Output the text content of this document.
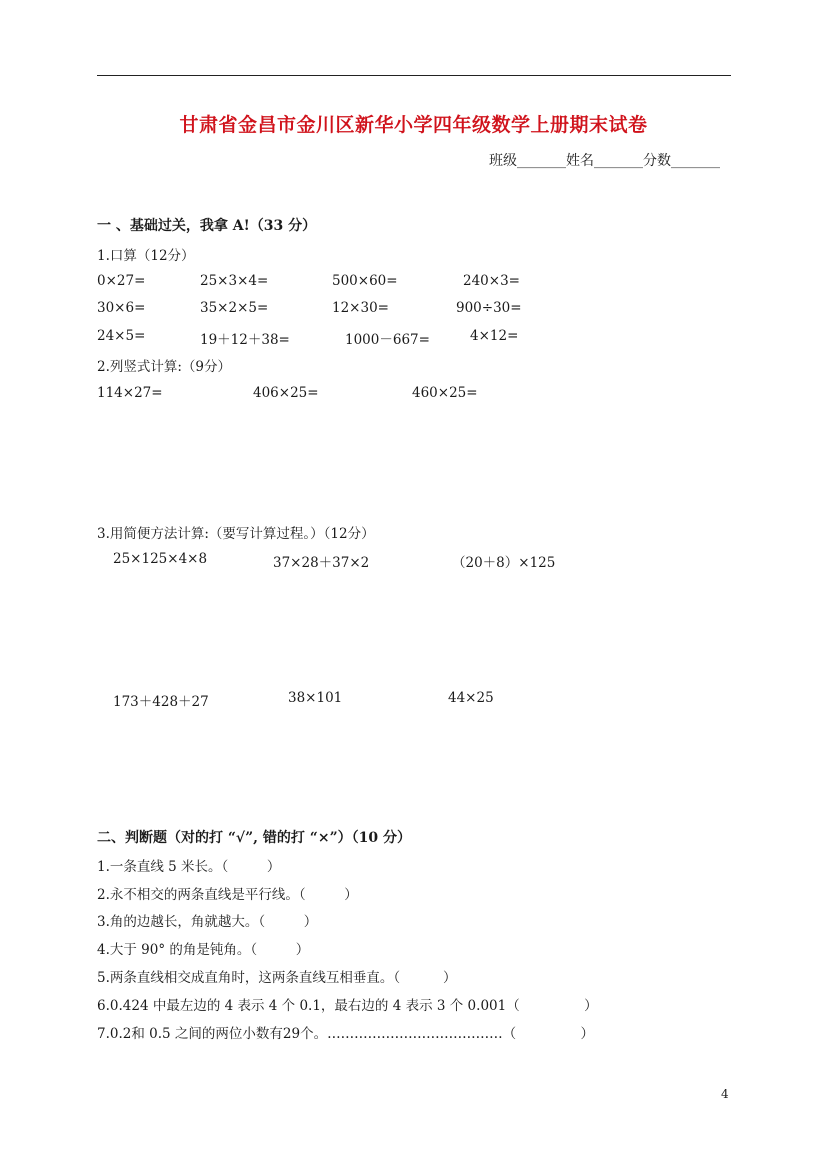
甘肃省金昌市金川区新华小学四年级数学上册期末试卷
班级_______姓名_______分数_______
一 、基础过关，我拿 A!（33 分）
1.口算（12分）
0×27=	25×3×4=	500×60=	240×3=
30×6=	35×2×5=	12×30=	900÷30=
24×5=	19＋12＋38=	1000－667=	4×12=
2.列竖式计算:（9分）
114×27=	406×25=	460×25=
3.用简便方法计算:（要写计算过程。）（12分）
25×125×4×8	37×28＋37×2	（20＋8）×125
173＋428＋27	38×101	44×25
二、判断题（对的打 “√”, 错的打 “×”）（10 分）
1.一条直线 5 米长。（         ）
2.永不相交的两条直线是平行线。（         ）
3.角的边越长，角就越大。（         ）
4.大于 90° 的角是钝角。（         ）
5.两条直线相交成直角时，这两条直线互相垂直。（          ）
6.0.424 中最左边的 4 表示 4 个 0.1，最右边的 4 表示 3 个 0.001（               ）
7.0.2和 0.5 之间的两位小数有29个。…………………………………（               ）
4
